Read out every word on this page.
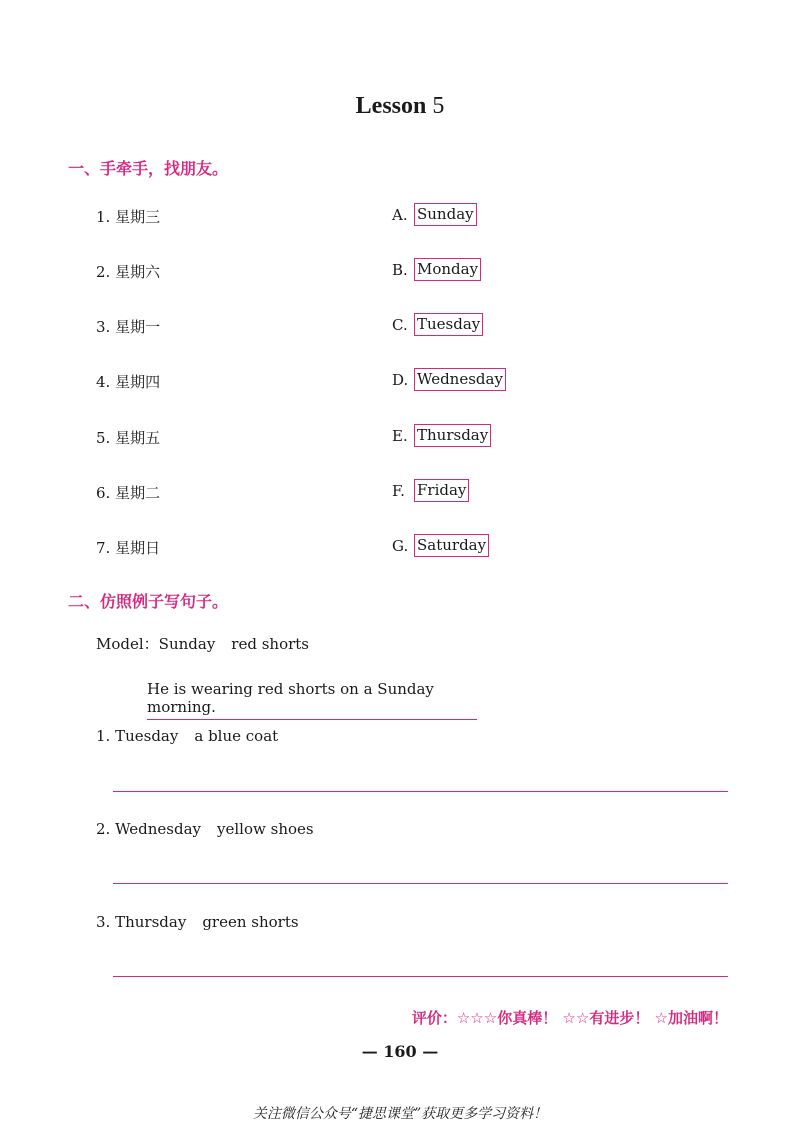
Lesson 5
一、手牵手，找朋友。
1. 星期三	A. Sunday
2. 星期六	B. Monday
3. 星期一	C. Tuesday
4. 星期四	D. Wednesday
5. 星期五	E. Thursday
6. 星期二	F. Friday
7. 星期日	G. Saturday
二、仿照例子写句子。
Model：Sunday red shorts
He is wearing red shorts on a Sunday morning.
1. Tuesday a blue coat
2. Wednesday yellow shoes
3. Thursday green shorts
评价：☆☆☆你真棒！ ☆☆有进步！ ☆加油啊！
— 160 —
关注微信公众号“捷思课堂”获取更多学习资料！
